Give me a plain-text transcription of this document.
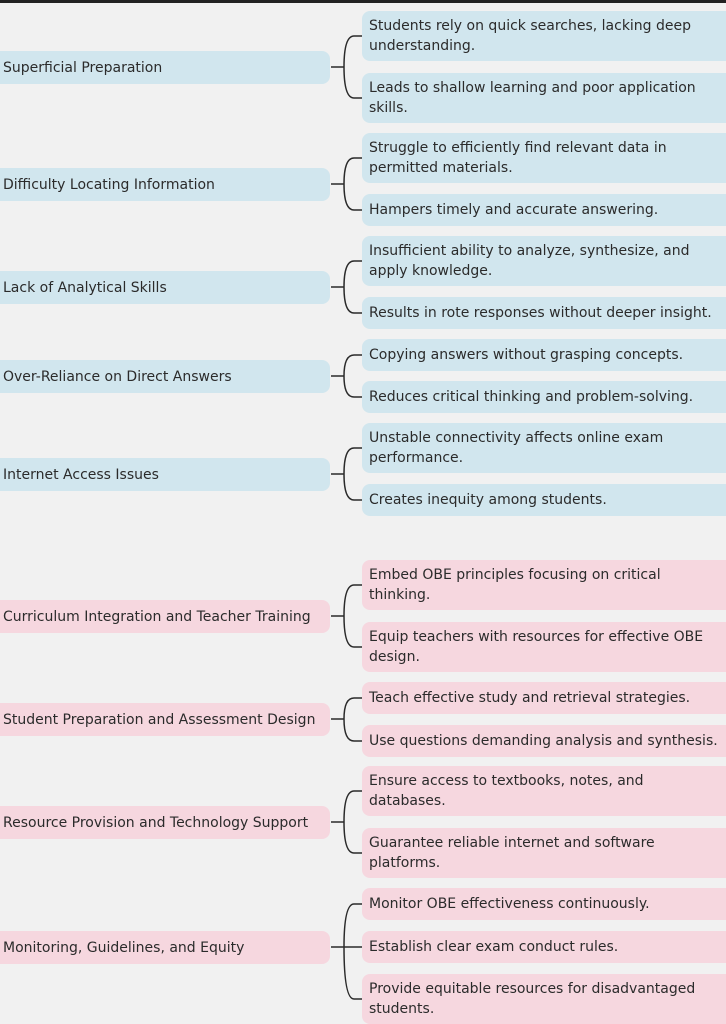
Superficial Preparation
Students rely on quick searches, lacking deep understanding.
Leads to shallow learning and poor application skills.
Difficulty Locating Information
Struggle to efficiently find relevant data in permitted materials.
Hampers timely and accurate answering.
Lack of Analytical Skills
Insufficient ability to analyze, synthesize, and apply knowledge.
Results in rote responses without deeper insight.
Over-Reliance on Direct Answers
Copying answers without grasping concepts.
Reduces critical thinking and problem-solving.
Internet Access Issues
Unstable connectivity affects online exam performance.
Creates inequity among students.
Curriculum Integration and Teacher Training
Embed OBE principles focusing on critical thinking.
Equip teachers with resources for effective OBE design.
Student Preparation and Assessment Design
Teach effective study and retrieval strategies.
Use questions demanding analysis and synthesis.
Resource Provision and Technology Support
Ensure access to textbooks, notes, and databases.
Guarantee reliable internet and software platforms.
Monitoring, Guidelines, and Equity
Monitor OBE effectiveness continuously.
Establish clear exam conduct rules.
Provide equitable resources for disadvantaged students.
